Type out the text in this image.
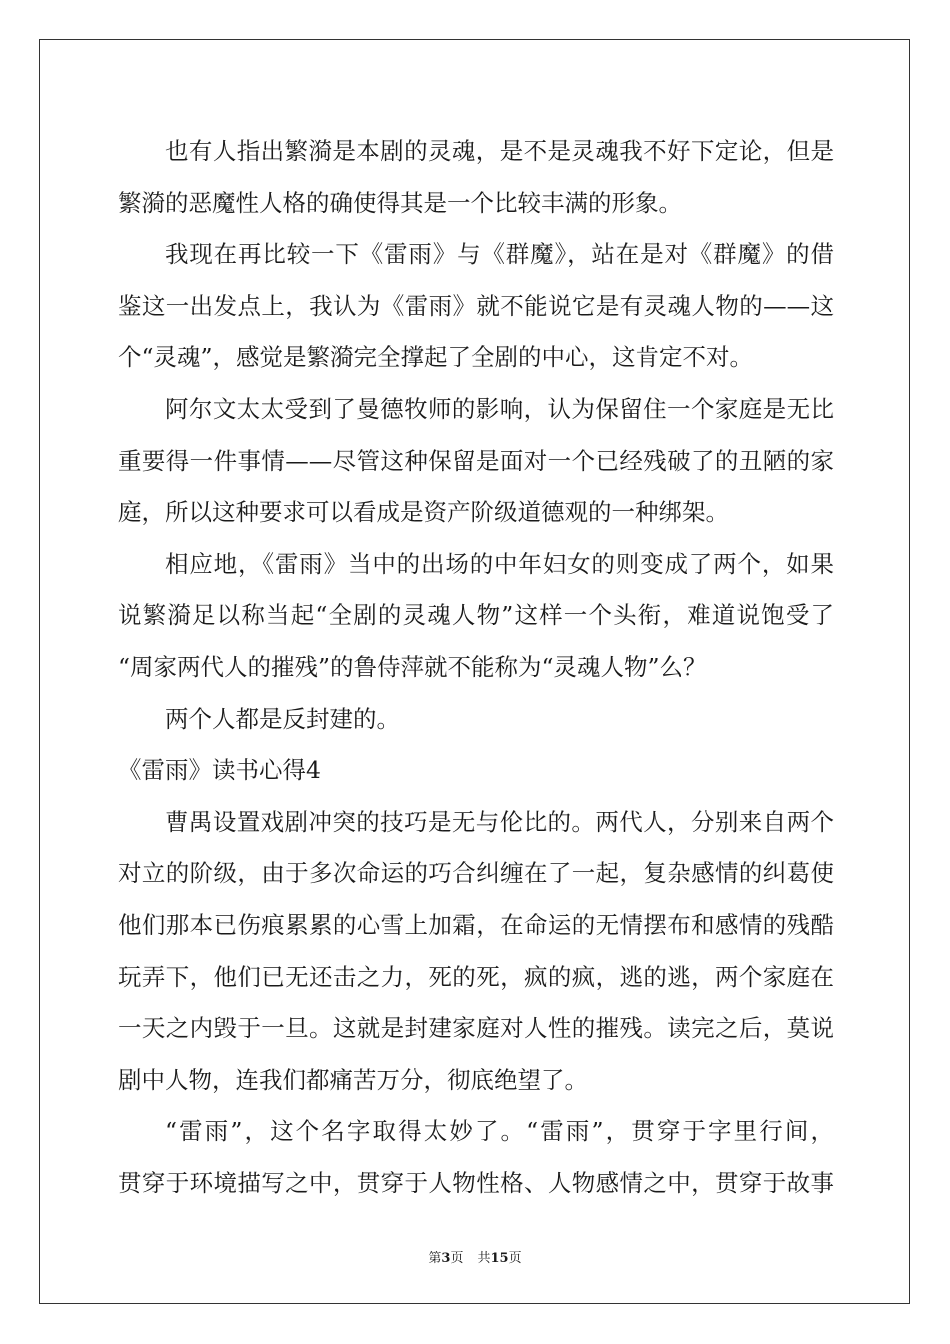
也有人指出繁漪是本剧的灵魂，是不是灵魂我不好下定论，但是
繁漪的恶魔性人格的确使得其是一个比较丰满的形象。
我现在再比较一下《雷雨》与《群魔》，站在是对《群魔》的借
鉴这一出发点上，我认为《雷雨》就不能说它是有灵魂人物的——这
个“灵魂”，感觉是繁漪完全撑起了全剧的中心，这肯定不对。
阿尔文太太受到了曼德牧师的影响，认为保留住一个家庭是无比
重要得一件事情——尽管这种保留是面对一个已经残破了的丑陋的家
庭，所以这种要求可以看成是资产阶级道德观的一种绑架。
相应地，《雷雨》当中的出场的中年妇女的则变成了两个，如果
说繁漪足以称当起“全剧的灵魂人物”这样一个头衔，难道说饱受了
“周家两代人的摧残”的鲁侍萍就不能称为“灵魂人物”么？
两个人都是反封建的。
《雷雨》读书心得4
曹禺设置戏剧冲突的技巧是无与伦比的。两代人，分别来自两个
对立的阶级，由于多次命运的巧合纠缠在了一起，复杂感情的纠葛使
他们那本已伤痕累累的心雪上加霜，在命运的无情摆布和感情的残酷
玩弄下，他们已无还击之力，死的死，疯的疯，逃的逃，两个家庭在
一天之内毁于一旦。这就是封建家庭对人性的摧残。读完之后，莫说
剧中人物，连我们都痛苦万分，彻底绝望了。
“雷雨”，这个名字取得太妙了。“雷雨”，贯穿于字里行间，
贯穿于环境描写之中，贯穿于人物性格、人物感情之中，贯穿于故事
第3页 共15页
